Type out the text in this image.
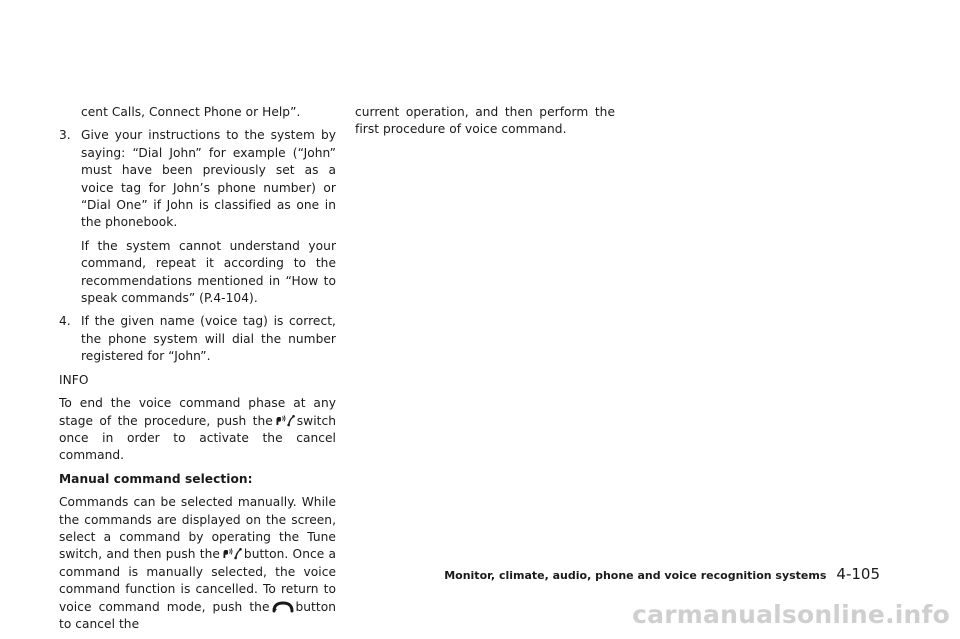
cent Calls, Connect Phone or Help”.

3. Give your instructions to the system by saying: “Dial John” for example (“John” must have been previously set as a voice tag for John’s phone number) or “Dial One” if John is classified as one in the phonebook.

If the system cannot understand your command, repeat it according to the recommendations mentioned in “How to speak commands” (P.4-104).

4. If the given name (voice tag) is correct, the phone system will dial the number registered for “John”.

INFO

To end the voice command phase at any stage of the procedure, push the switch once in order to activate the cancel command.

Manual command selection:

Commands can be selected manually. While the commands are displayed on the screen, select a command by operating the Tune switch, and then push the button. Once a command is manually selected, the voice command function is cancelled. To return to voice command mode, push the button to cancel the

current operation, and then perform the first procedure of voice command.

Monitor, climate, audio, phone and voice recognition systems 4-105
carmanualsonline.info
